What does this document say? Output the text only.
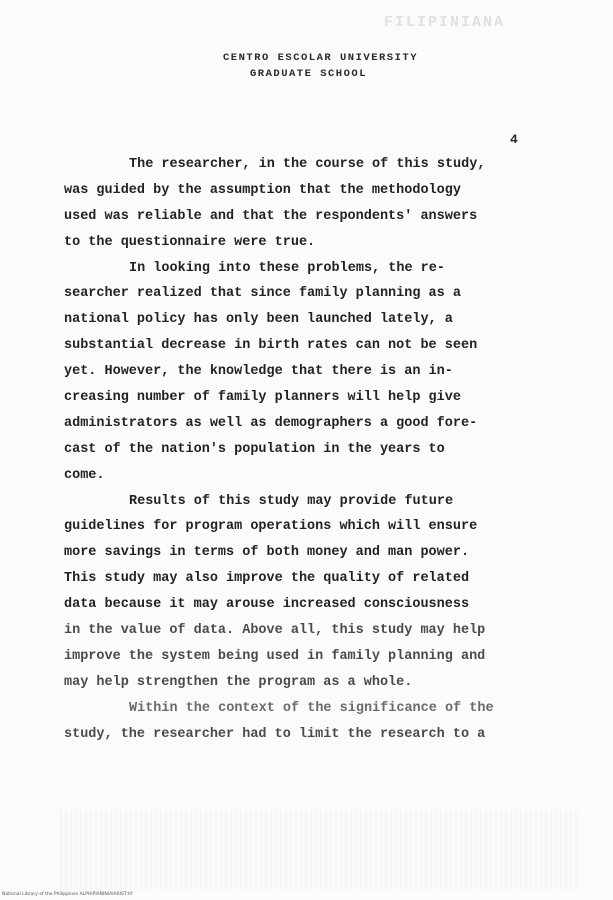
FILIPINIANA
CENTRO ESCOLAR UNIVERSITY
GRADUATE SCHOOL
4
The researcher, in the course of this study,
was guided by the assumption that the methodology
used was reliable and that the respondents' answers
to the questionnaire were true.
In looking into these problems, the re-
searcher realized that since family planning as a
national policy has only been launched lately, a
substantial decrease in birth rates can not be seen
yet. However, the knowledge that there is an in-
creasing number of family planners will help give
administrators as well as demographers a good fore-
cast of the nation's population in the years to
come.
Results of this study may provide future
guidelines for program operations which will ensure
more savings in terms of both money and man power.
This study may also improve the quality of related
data because it may arouse increased consciousness
in the value of data. Above all, this study may help
improve the system being used in family planning and
may help strengthen the program as a whole.
Within the context of the significance of the
study, the researcher had to limit the research to a
National Library of the Philippines ALPHIPIANINIAIARIST.tif
